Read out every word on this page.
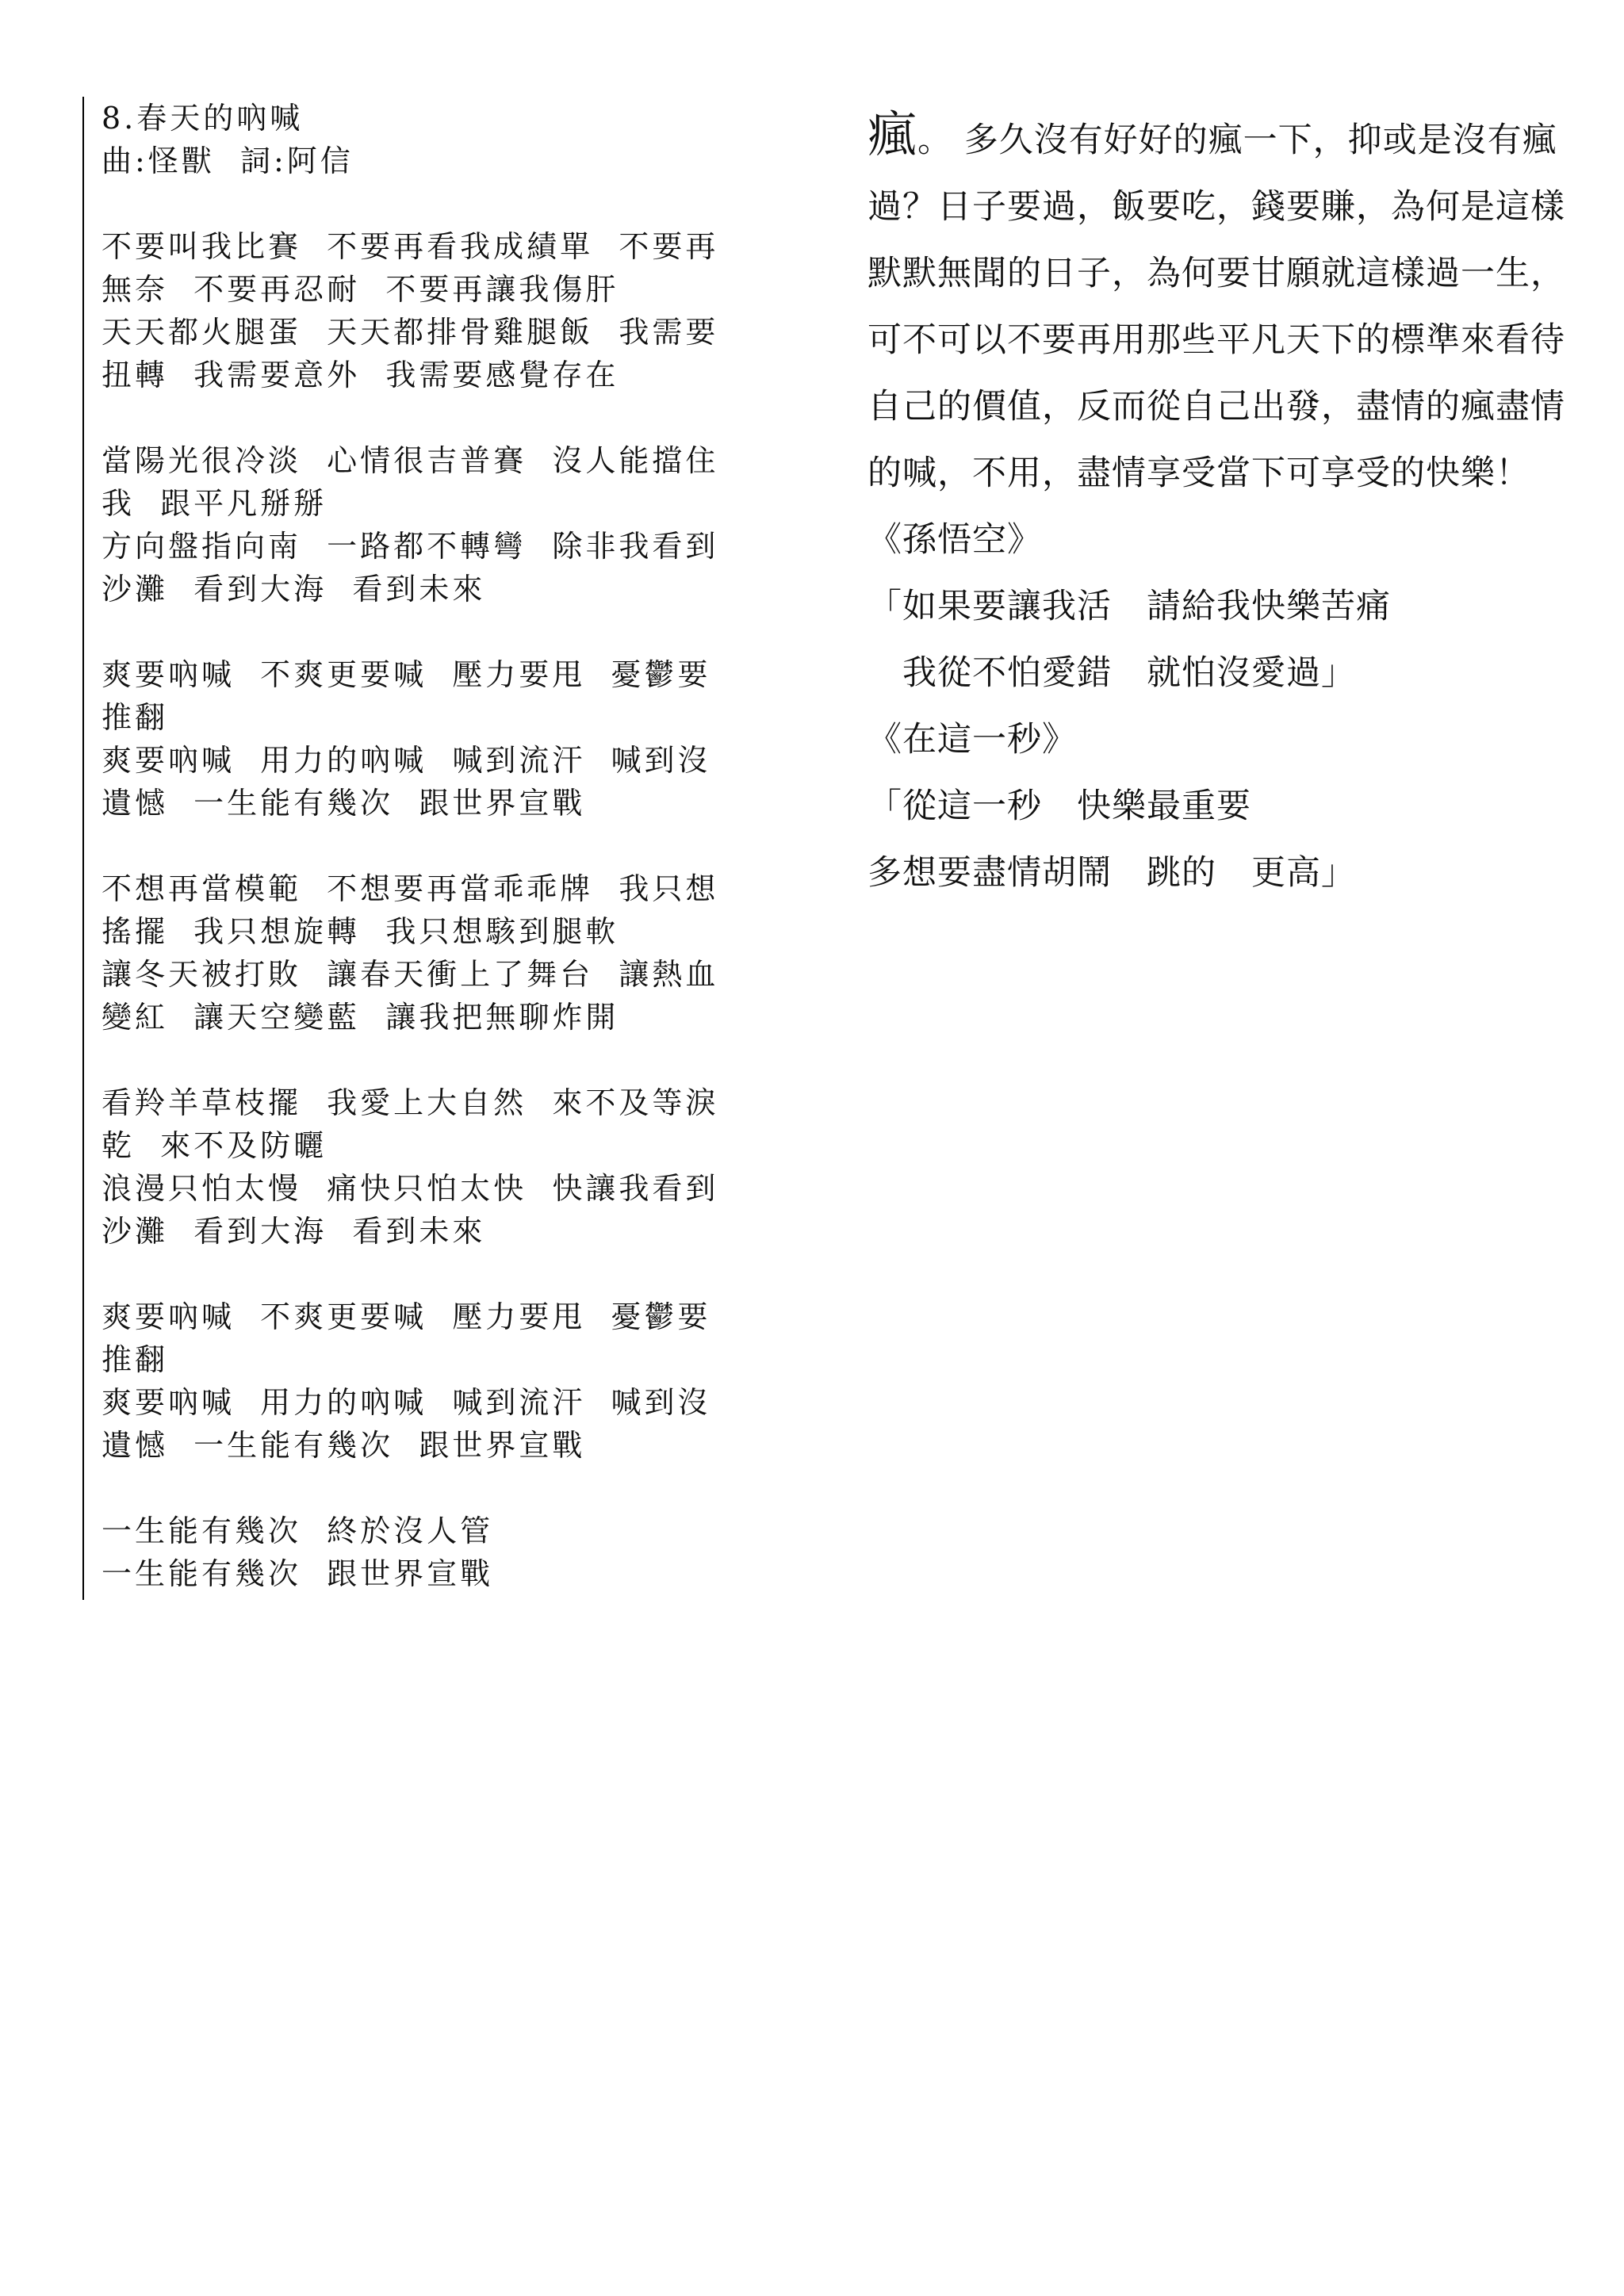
8.春天的吶喊
曲:怪獸  詞:阿信
不要叫我比賽  不要再看我成績單  不要再
無奈  不要再忍耐  不要再讓我傷肝
天天都火腿蛋  天天都排骨雞腿飯  我需要
扭轉  我需要意外  我需要感覺存在
當陽光很冷淡  心情很吉普賽  沒人能擋住
我  跟平凡掰掰
方向盤指向南  一路都不轉彎  除非我看到
沙灘  看到大海  看到未來
爽要吶喊  不爽更要喊  壓力要甩  憂鬱要
推翻
爽要吶喊  用力的吶喊  喊到流汗  喊到沒
遺憾  一生能有幾次  跟世界宣戰
不想再當模範  不想要再當乖乖牌  我只想
搖擺  我只想旋轉  我只想駭到腿軟
讓冬天被打敗  讓春天衝上了舞台  讓熱血
變紅  讓天空變藍  讓我把無聊炸開
看羚羊草枝擺  我愛上大自然  來不及等淚
乾  來不及防曬
浪漫只怕太慢  痛快只怕太快  快讓我看到
沙灘  看到大海  看到未來
爽要吶喊  不爽更要喊  壓力要甩  憂鬱要
推翻
爽要吶喊  用力的吶喊  喊到流汗  喊到沒
遺憾  一生能有幾次  跟世界宣戰
一生能有幾次  終於沒人管
一生能有幾次  跟世界宣戰

瘋。 多久沒有好好的瘋一下，抑或是沒有瘋過？日子要過，飯要吃，錢要賺，為何是這樣默默無聞的日子，為何要甘願就這樣過一生，可不可以不要再用那些平凡天下的標準來看待自己的價值，反而從自己出發，盡情的瘋盡情的喊，不用，盡情享受當下可享受的快樂！

《孫悟空》
「如果要讓我活　請給我快樂苦痛
　我從不怕愛錯　就怕沒愛過」
《在這一秒》
「從這一秒　快樂最重要
多想要盡情胡鬧　跳的　更高」
